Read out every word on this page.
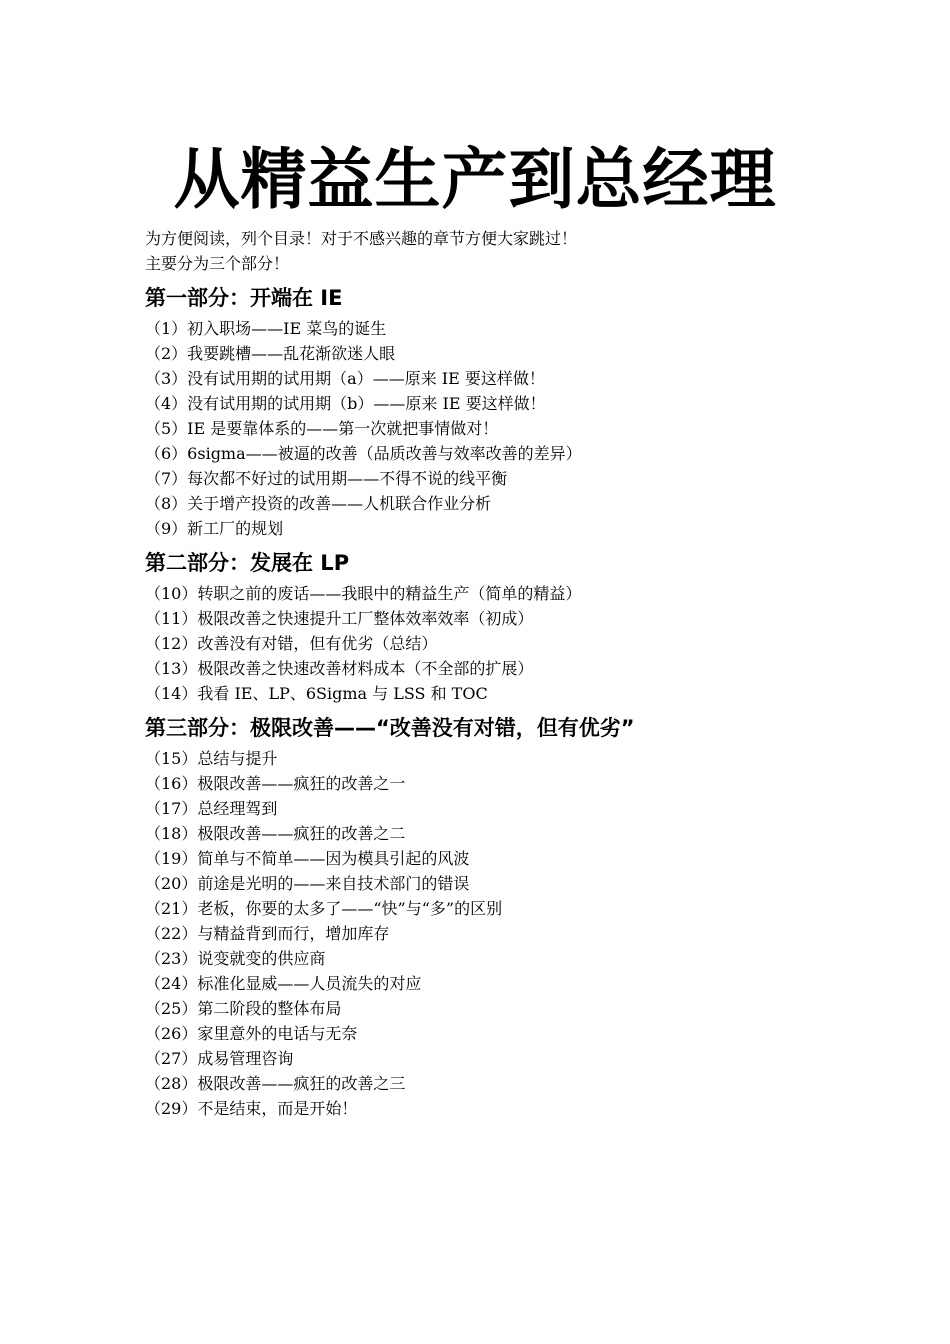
从精益生产到总经理

为方便阅读，列个目录！对于不感兴趣的章节方便大家跳过！

主要分为三个部分！

第一部分：开端在 IE
（1）初入职场——IE 菜鸟的诞生
（2）我要跳槽——乱花渐欲迷人眼
（3）没有试用期的试用期（a）——原来 IE 要这样做！
（4）没有试用期的试用期（b）——原来 IE 要这样做！
（5）IE 是要靠体系的——第一次就把事情做对！
（6）6sigma——被逼的改善（品质改善与效率改善的差异）
（7）每次都不好过的试用期——不得不说的线平衡
（8）关于增产投资的改善——人机联合作业分析
（9）新工厂的规划
第二部分：发展在 LP
（10）转职之前的废话——我眼中的精益生产（简单的精益）
（11）极限改善之快速提升工厂整体效率效率（初成）
（12）改善没有对错，但有优劣（总结）
（13）极限改善之快速改善材料成本（不全部的扩展）
（14）我看 IE、LP、6Sigma 与 LSS 和 TOC
第三部分：极限改善——“改善没有对错，但有优劣”
（15）总结与提升
（16）极限改善——疯狂的改善之一
（17）总经理驾到
（18）极限改善——疯狂的改善之二
（19）简单与不简单——因为模具引起的风波
（20）前途是光明的——来自技术部门的错误
（21）老板，你要的太多了——“快”与“多”的区别
（22）与精益背到而行，增加库存
（23）说变就变的供应商
（24）标准化显威——人员流失的对应
（25）第二阶段的整体布局
（26）家里意外的电话与无奈
（27）成易管理咨询
（28）极限改善——疯狂的改善之三
（29）不是结束，而是开始！
